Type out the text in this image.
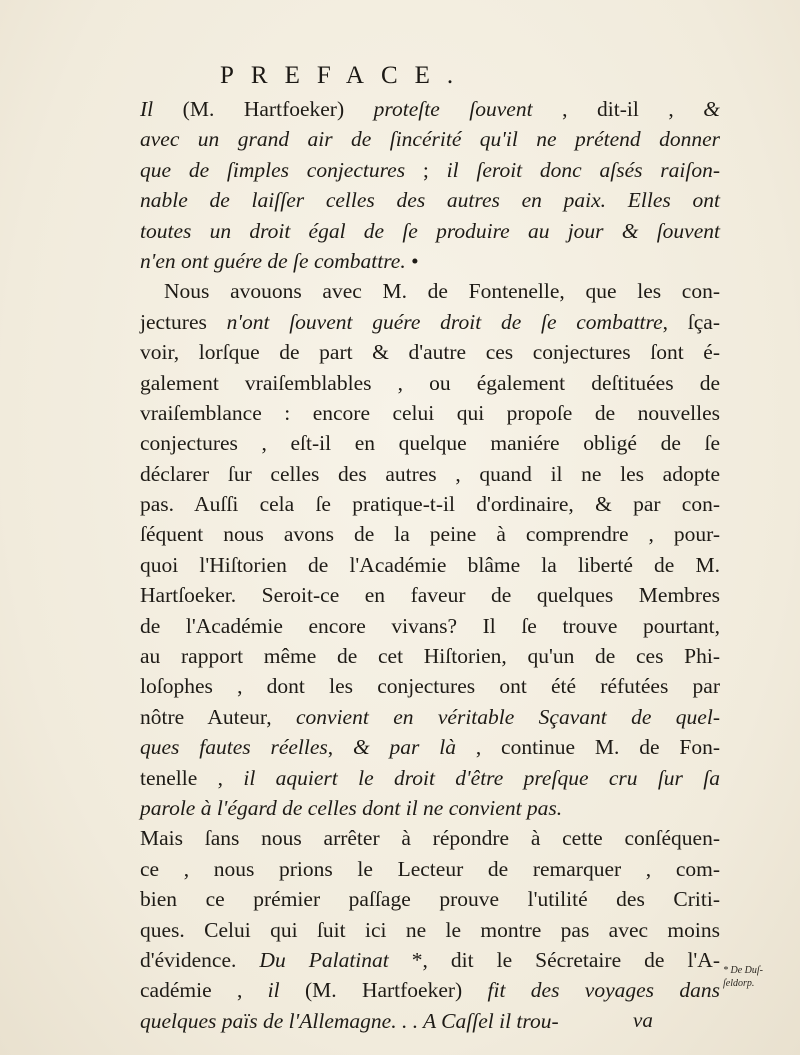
PREFACE.
Il (M. Hartfoeker) proteſte ſouvent , dit-il , &
avec un grand air de ſincérité qu'il ne prétend donner
que de ſimples conjectures ; il ſeroit donc aſsés raiſon-
nable de laiſſer celles des autres en paix. Elles ont
toutes un droit égal de ſe produire au jour & ſouvent
n'en ont guére de ſe combattre. •
Nous avouons avec M. de Fontenelle, que les con-
jectures n'ont ſouvent guére droit de ſe combattre, ſça-
voir, lorſque de part & d'autre ces conjectures ſont é-
galement vraiſemblables , ou également deſtituées de
vraiſemblance : encore celui qui propoſe de nouvelles
conjectures , eſt-il en quelque maniére obligé de ſe
déclarer ſur celles des autres , quand il ne les adopte
pas. Auſſi cela ſe pratique-t-il d'ordinaire, & par con-
ſéquent nous avons de la peine à comprendre , pour-
quoi l'Hiſtorien de l'Académie blâme la liberté de M.
Hartſoeker. Seroit-ce en faveur de quelques Membres
de l'Académie encore vivans? Il ſe trouve pourtant,
au rapport même de cet Hiſtorien, qu'un de ces Phi-
loſophes , dont les conjectures ont été réfutées par
nôtre Auteur, convient en véritable Sçavant de quel-
ques fautes réelles, & par là , continue M. de Fon-
tenelle , il aquiert le droit d'être preſque cru ſur ſa
parole à l'égard de celles dont il ne convient pas.
Mais ſans nous arrêter à répondre à cette conſéquen-
ce , nous prions le Lecteur de remarquer , com-
bien ce prémier paſſage prouve l'utilité des Criti-
ques. Celui qui ſuit ici ne le montre pas avec moins
d'évidence. Du Palatinat *, dit le Sécretaire de l'A-
cadémie , il (M. Hartfoeker) fit des voyages dans
quelques païs de l'Allemagne. . . A Caſſel il trou-	va
* De Duſ-
ſeldorp.
